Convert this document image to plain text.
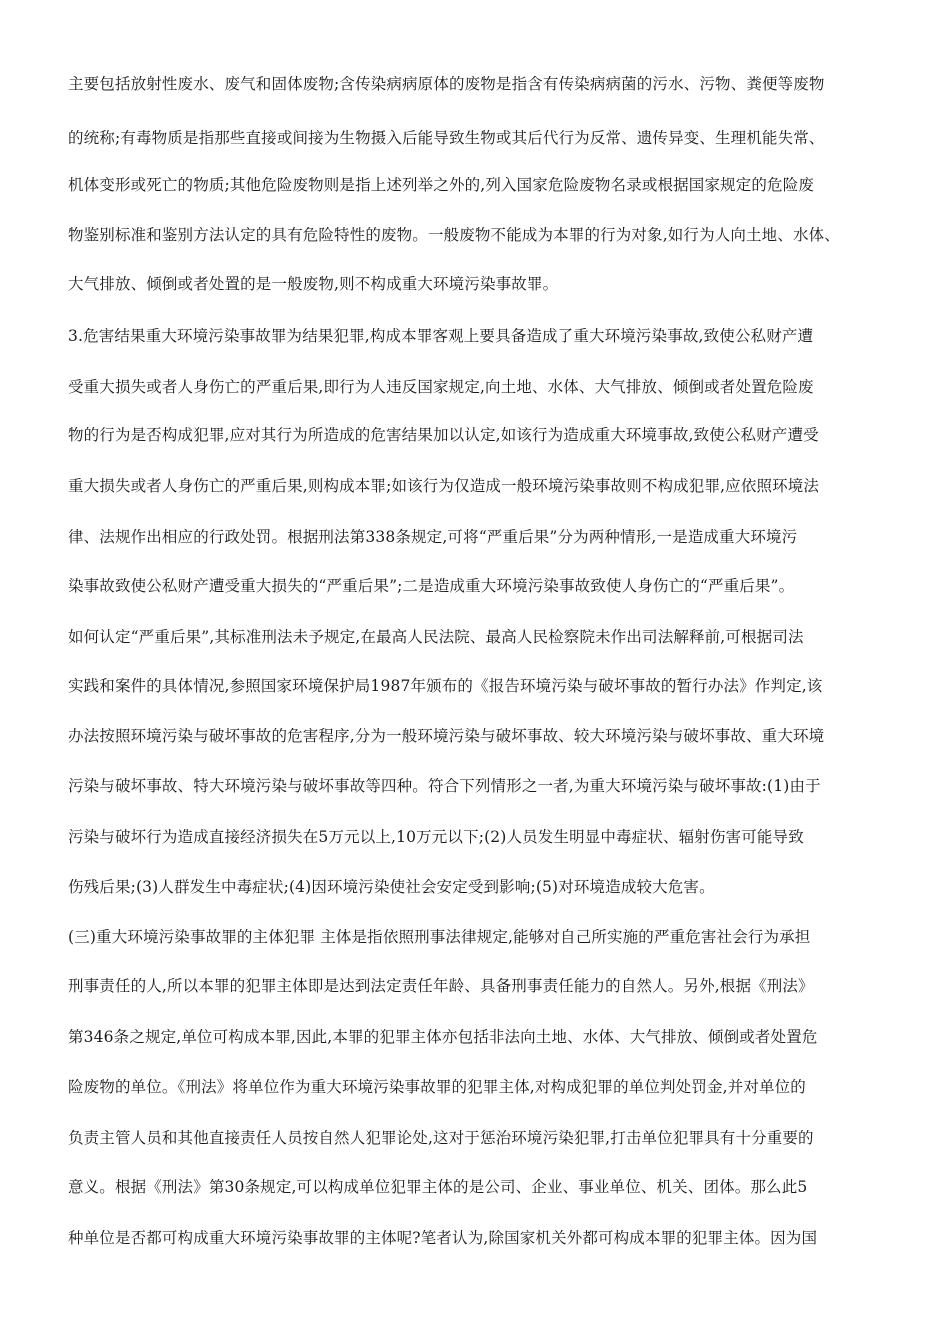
主要包括放射性废水、废气和固体废物;含传染病病原体的废物是指含有传染病病菌的污水、污物、粪便等废物
的统称;有毒物质是指那些直接或间接为生物摄入后能导致生物或其后代行为反常、遗传异变、生理机能失常、
机体变形或死亡的物质;其他危险废物则是指上述列举之外的,列入国家危险废物名录或根据国家规定的危险废
物鉴别标准和鉴别方法认定的具有危险特性的废物。一般废物不能成为本罪的行为对象,如行为人向土地、水体、
大气排放、倾倒或者处置的是一般废物,则不构成重大环境污染事故罪。
3.危害结果重大环境污染事故罪为结果犯罪,构成本罪客观上要具备造成了重大环境污染事故,致使公私财产遭
受重大损失或者人身伤亡的严重后果,即行为人违反国家规定,向土地、水体、大气排放、倾倒或者处置危险废
物的行为是否构成犯罪,应对其行为所造成的危害结果加以认定,如该行为造成重大环境事故,致使公私财产遭受
重大损失或者人身伤亡的严重后果,则构成本罪;如该行为仅造成一般环境污染事故则不构成犯罪,应依照环境法
律、法规作出相应的行政处罚。根据刑法第338条规定,可将“严重后果”分为两种情形,一是造成重大环境污
染事故致使公私财产遭受重大损失的“严重后果”;二是造成重大环境污染事故致使人身伤亡的“严重后果”。
如何认定“严重后果”,其标准刑法未予规定,在最高人民法院、最高人民检察院未作出司法解释前,可根据司法
实践和案件的具体情况,参照国家环境保护局1987年颁布的《报告环境污染与破坏事故的暂行办法》作判定,该
办法按照环境污染与破坏事故的危害程序,分为一般环境污染与破坏事故、较大环境污染与破坏事故、重大环境
污染与破坏事故、特大环境污染与破坏事故等四种。符合下列情形之一者,为重大环境污染与破坏事故:(1)由于
污染与破坏行为造成直接经济损失在5万元以上,10万元以下;(2)人员发生明显中毒症状、辐射伤害可能导致
伤残后果;(3)人群发生中毒症状;(4)因环境污染使社会安定受到影响;(5)对环境造成较大危害。
(三)重大环境污染事故罪的主体犯罪 主体是指依照刑事法律规定,能够对自己所实施的严重危害社会行为承担
刑事责任的人,所以本罪的犯罪主体即是达到法定责任年龄、具备刑事责任能力的自然人。另外,根据《刑法》
第346条之规定,单位可构成本罪,因此,本罪的犯罪主体亦包括非法向土地、水体、大气排放、倾倒或者处置危
险废物的单位。《刑法》将单位作为重大环境污染事故罪的犯罪主体,对构成犯罪的单位判处罚金,并对单位的
负责主管人员和其他直接责任人员按自然人犯罪论处,这对于惩治环境污染犯罪,打击单位犯罪具有十分重要的
意义。根据《刑法》第30条规定,可以构成单位犯罪主体的是公司、企业、事业单位、机关、团体。那么此5
种单位是否都可构成重大环境污染事故罪的主体呢?笔者认为,除国家机关外都可构成本罪的犯罪主体。因为国
